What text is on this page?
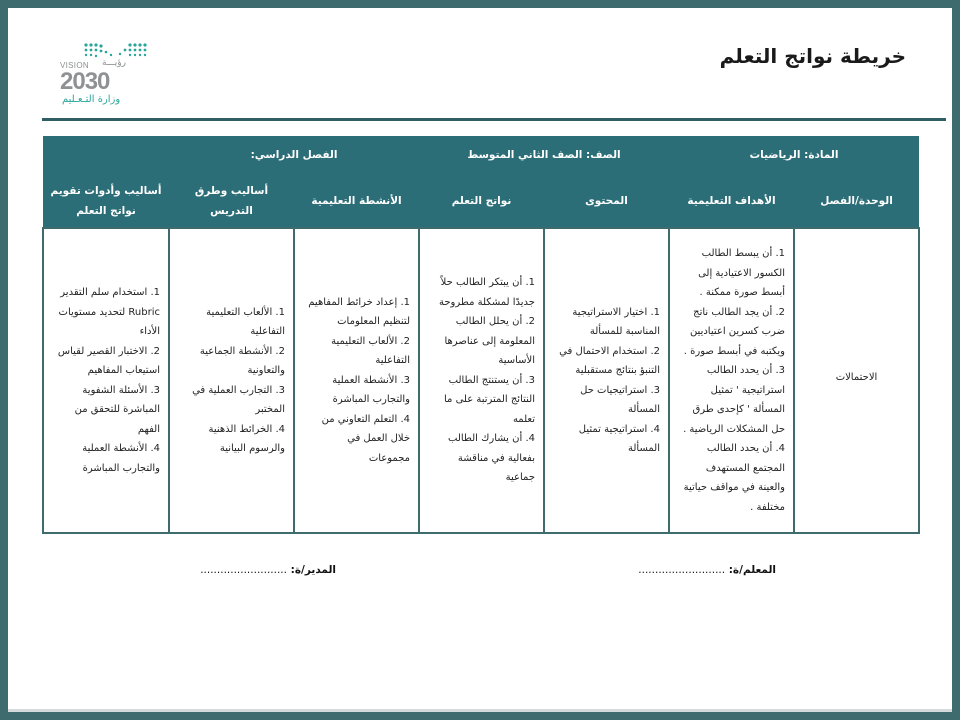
VISION رؤيـــة
2030
وزارة التـعـليم
خريطة نواتج التعلم
المادة: الرياضيات		الصف: الصف الثاني المتوسط		الفصل الدراسي:		
الوحدة/الفصل	الأهداف التعليمية	المحتوى	نواتج التعلم	الأنشطة التعليمية	أساليب وطرق التدريس	أساليب وأدوات تقويم نواتج التعلم
الاحتمالات	
1. أن يبسط الطالب الكسور الاعتيادية إلى أبسط صورة ممكنة .
2. أن يجد الطالب ناتج ضرب كسرين اعتياديين ويكتبه في أبسط صورة .
3. أن يحدد الطالب استراتيجية ' تمثيل المسألة ' كإحدى طرق حل المشكلات الرياضية .
4. أن يحدد الطالب المجتمع المستهدف والعينة في مواقف حياتية مختلفة .

1. اختيار الاستراتيجية المناسبة للمسألة
2. استخدام الاحتمال في التنبؤ بنتائج مستقبلية
3. استراتيجيات حل المسألة
4. استراتيجية تمثيل المسألة

1. أن يبتكر الطالب حلاً جديدًا لمشكلة مطروحة
2. أن يحلل الطالب المعلومة إلى عناصرها الأساسية
3. أن يستنتج الطالب النتائج المترتبة على ما تعلمه
4. أن يشارك الطالب بفعالية في مناقشة جماعية

1. إعداد خرائط المفاهيم لتنظيم المعلومات
2. الألعاب التعليمية التفاعلية
3. الأنشطة العملية والتجارب المباشرة
4. التعلم التعاوني من خلال العمل في مجموعات

1. الألعاب التعليمية التفاعلية
2. الأنشطة الجماعية والتعاونية
3. التجارب العملية في المختبر
4. الخرائط الذهنية والرسوم البيانية

1. استخدام سلم التقدير Rubric لتحديد مستويات الأداء
2. الاختبار القصير لقياس استيعاب المفاهيم
3. الأسئلة الشفوية المباشرة للتحقق من الفهم
4. الأنشطة العملية والتجارب المباشرة
المعلم/ة: ..........................
المدير/ة: ..........................
